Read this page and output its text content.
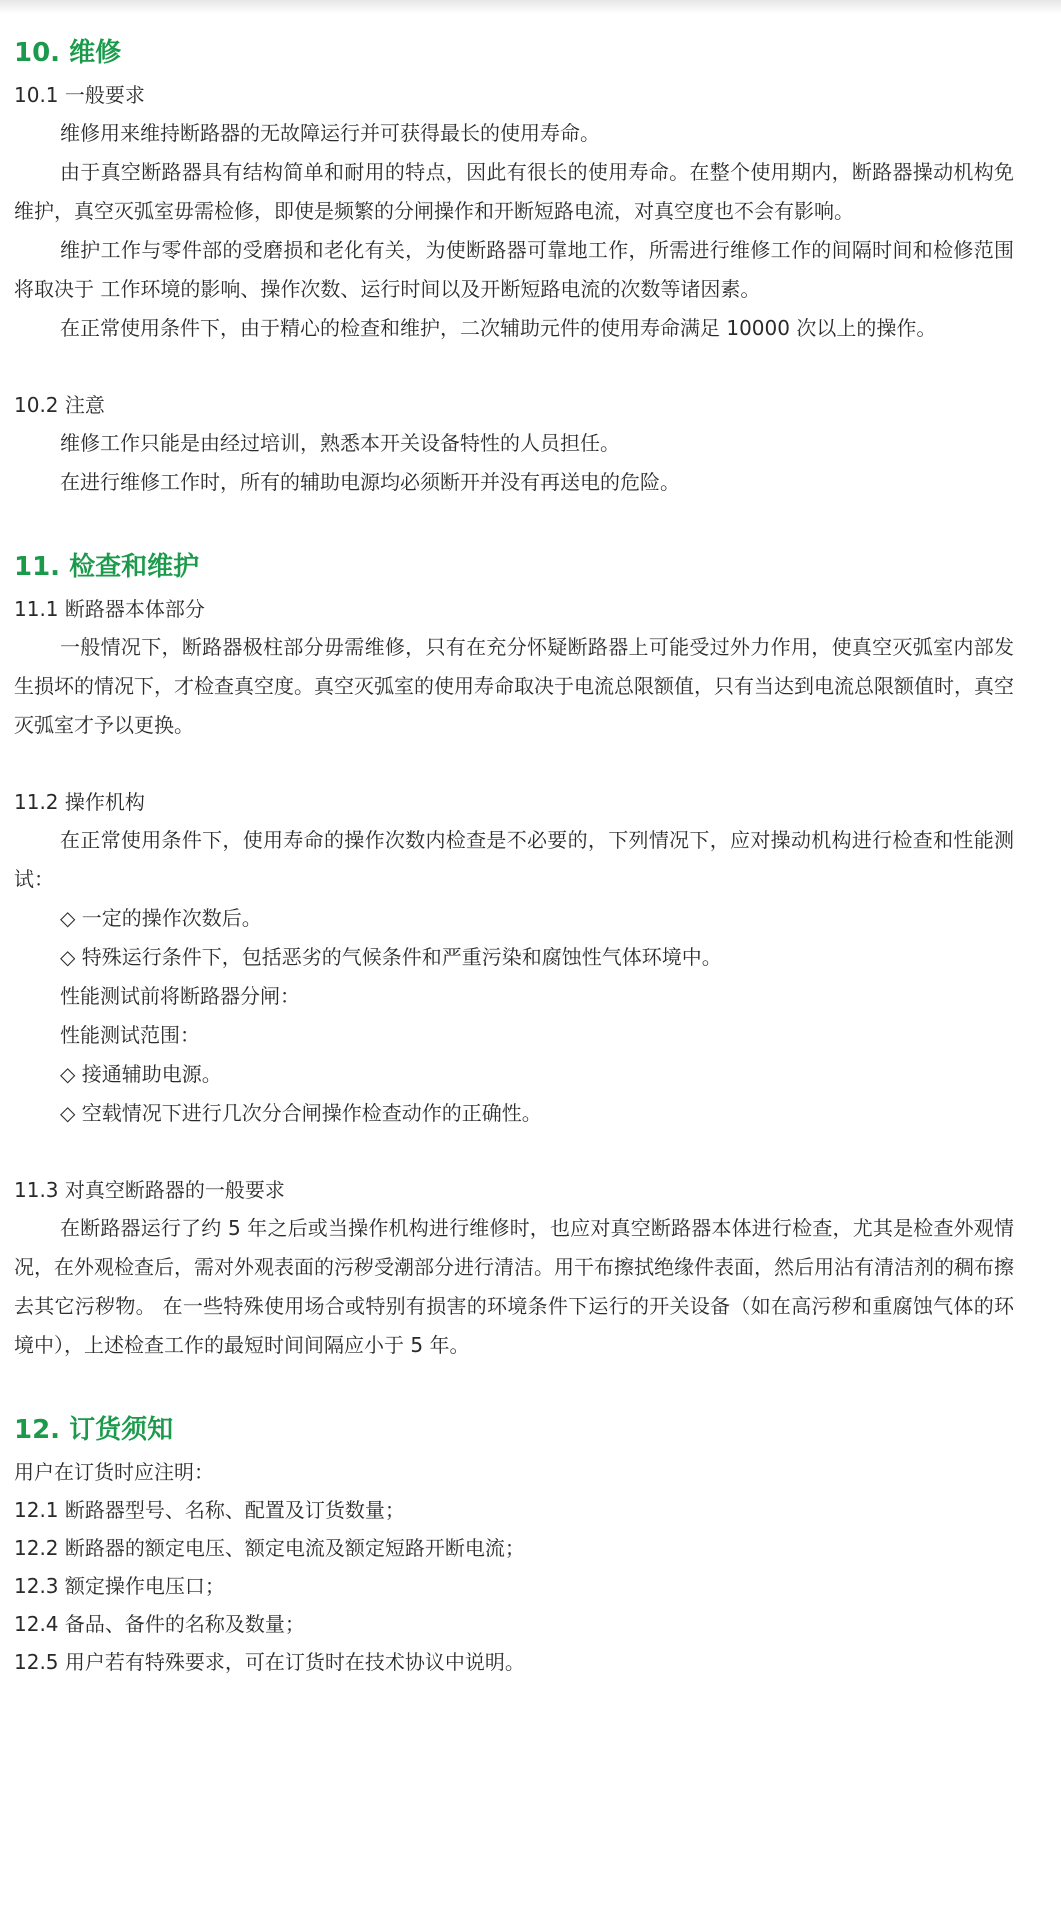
10. 维修
10.1 一般要求

维修用来维持断路器的无故障运行并可获得最长的使用寿命。

由于真空断路器具有结构简单和耐用的特点，因此有很长的使用寿命。在整个使用期内，断路器操动机构免维护，真空灭弧室毋需检修，即使是频繁的分闸操作和开断短路电流，对真空度也不会有影响。

维护工作与零件部的受磨损和老化有关，为使断路器可靠地工作，所需进行维修工作的间隔时间和检修范围将取决于 工作环境的影响、操作次数、运行时间以及开断短路电流的次数等诸因素。

在正常使用条件下，由于精心的检查和维护，二次辅助元件的使用寿命满足 10000 次以上的操作。

10.2 注意

维修工作只能是由经过培训，熟悉本开关设备特性的人员担任。

在进行维修工作时，所有的辅助电源均必须断开并没有再送电的危险。

11. 检查和维护
11.1 断路器本体部分

一般情况下，断路器极柱部分毋需维修，只有在充分怀疑断路器上可能受过外力作用，使真空灭弧室内部发生损坏的情况下，才检查真空度。真空灭弧室的使用寿命取决于电流总限额值，只有当达到电流总限额值时，真空灭弧室才予以更换。

11.2 操作机构

在正常使用条件下，使用寿命的操作次数内检查是不必要的，下列情况下，应对操动机构进行检查和性能测试：

◇ 一定的操作次数后。

◇ 特殊运行条件下，包括恶劣的气候条件和严重污染和腐蚀性气体环境中。

性能测试前将断路器分闸：

性能测试范围：

◇ 接通辅助电源。

◇ 空载情况下进行几次分合闸操作检查动作的正确性。

11.3 对真空断路器的一般要求

在断路器运行了约 5 年之后或当操作机构进行维修时，也应对真空断路器本体进行检查，尤其是检查外观情况，在外观检查后，需对外观表面的污秽受潮部分进行清洁。用干布擦拭绝缘件表面，然后用沾有清洁剂的稠布擦去其它污秽物。 在一些特殊使用场合或特别有损害的环境条件下运行的开关设备（如在高污秽和重腐蚀气体的环境中），上述检查工作的最短时间间隔应小于 5 年。

12. 订货须知
用户在订货时应注明：
12.1 断路器型号、名称、配置及订货数量；
12.2 断路器的额定电压、额定电流及额定短路开断电流；
12.3 额定操作电压口；
12.4 备品、备件的名称及数量；
12.5 用户若有特殊要求，可在订货时在技术协议中说明。
